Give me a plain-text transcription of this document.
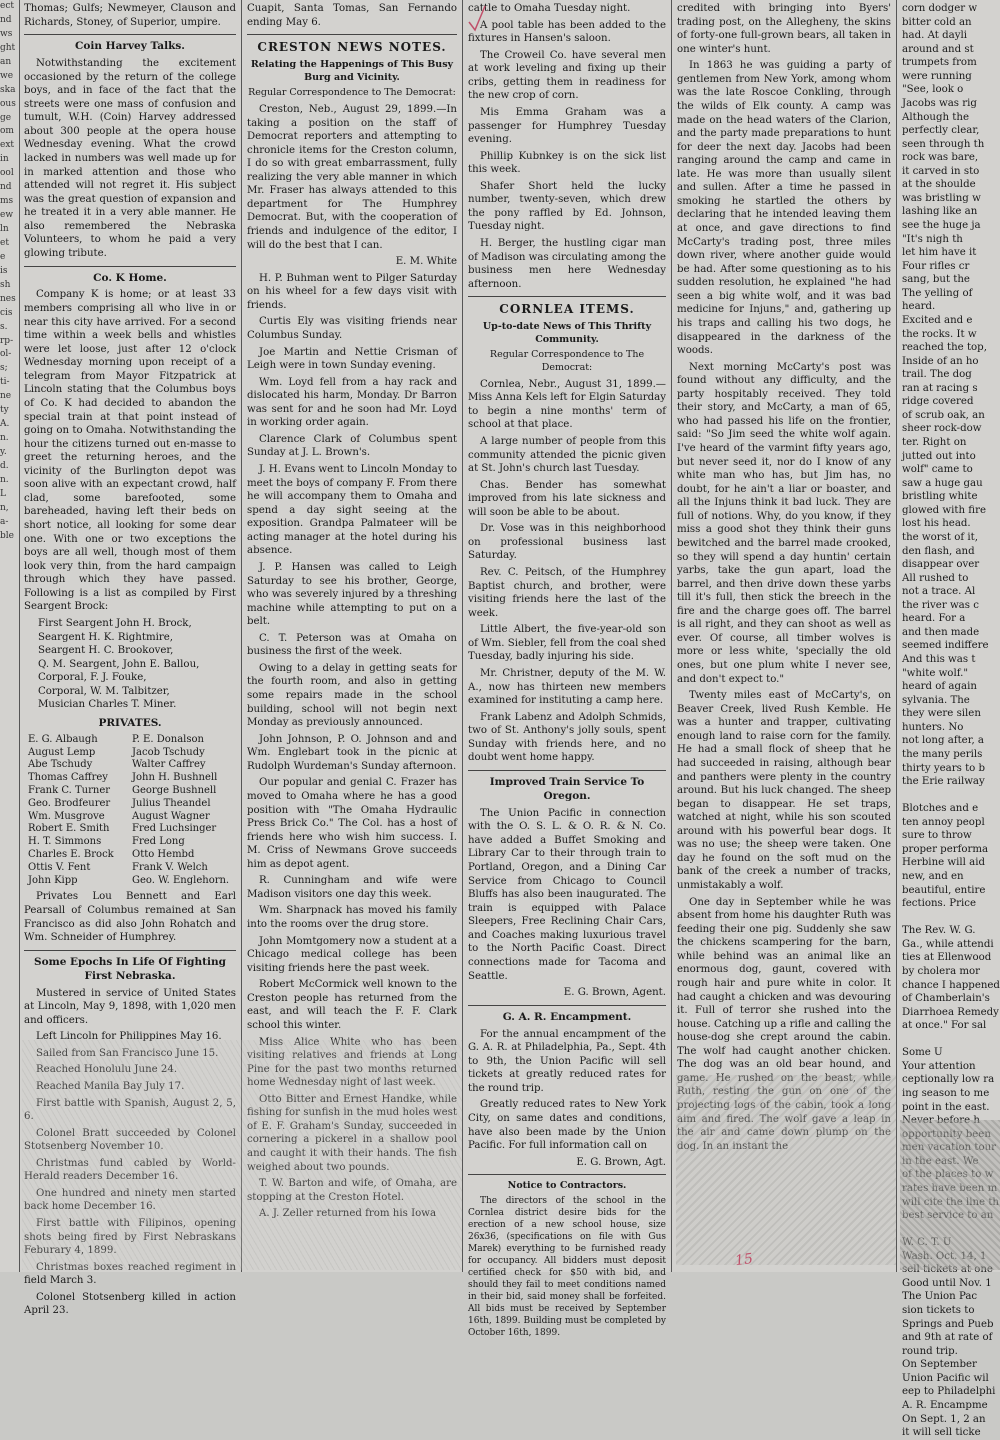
ect
nd
ws
ght
an
we
ska
ous
ge
om
ext
in
ool
nd
ms
ew
ln
et
e
is
sh
nes
cis
s.
rp-
ol-
s;
ti-
ne
ty
A.
n.
y.
d.
n.
L
n,
a-
ble

Thomas; Gulfs; Newmeyer, Clauson and Richards, Stoney, of Superior, umpire.

Coin Harvey Talks.

Notwithstanding the excitement occasioned by the return of the college boys, and in face of the fact that the streets were one mass of confusion and tumult, W.H. (Coin) Harvey addressed about 300 people at the opera house Wednesday evening. What the crowd lacked in numbers was well made up for in marked attention and those who attended will not regret it. His subject was the great question of expansion and he treated it in a very able manner. He also remembered the Nebraska Volunteers, to whom he paid a very glowing tribute.

Co. K Home.

Company K is home; or at least 33 members comprising all who live in or near this city have arrived. For a second time within a week bells and whistles were let loose, just after 12 o'clock Wednesday morning upon receipt of a telegram from Mayor Fitzpatrick at Lincoln stating that the Columbus boys of Co. K had decided to abandon the special train at that point instead of going on to Omaha. Notwithstanding the hour the citizens turned out en-masse to greet the returning heroes, and the vicinity of the Burlington depot was soon alive with an expectant crowd, half clad, some barefooted, some bareheaded, having left their beds on short notice, all looking for some dear one. With one or two exceptions the boys are all well, though most of them look very thin, from the hard campaign through which they have passed. Following is a list as compiled by First Seargent Brock:

First Seargent John H. Brock,

Seargent H. K. Rightmire,

Seargent H. C. Brookover,

Q. M. Seargent, John E. Ballou,

Corporal, F. J. Fouke,

Corporal, W. M. Talbitzer,

Musician Charles T. Miner.

PRIVATES.
E. G. Albaugh	P. E. Donalson
August Lemp	Jacob Tschudy
Abe Tschudy	Walter Caffrey
Thomas Caffrey	John H. Bushnell
Frank C. Turner	George Bushnell
Geo. Brodfeurer	Julius Theandel
Wm. Musgrove	August Wagner
Robert E. Smith	Fred Luchsinger
H. T. Simmons	Fred Long
Charles E. Brock	Otto Hembd
Ottis V. Fent	Frank V. Welch
John Kipp	Geo. W. Englehorn.

Privates Lou Bennett and Earl Pearsall of Columbus remained at San Francisco as did also John Rohatch and Wm. Schneider of Humphrey.

Some Epochs In Life Of Fighting First Nebraska.

Mustered in service of United States at Lincoln, May 9, 1898, with 1,020 men and officers.

Left Lincoln for Philippines May 16.

Sailed from San Francisco June 15.

Reached Honolulu June 24.

Reached Manila Bay July 17.

First battle with Spanish, August 2, 5, 6.

Colonel Bratt succeeded by Colonel Stotsenberg November 10.

Christmas fund cabled by World-Herald readers December 16.

One hundred and ninety men started back home December 16.

First battle with Filipinos, opening shots being fired by First Nebraskans Feburary 4, 1899.

Christmas boxes reached regiment in field March 3.

Colonel Stotsenberg killed in action April 23.

Cuapit, Santa Tomas, San Fernando ending May 6.

CRESTON NEWS NOTES.
Relating the Happenings of This Busy Burg and Vicinity.
Regular Correspondence to The Democrat:

Creston, Neb., August 29, 1899.—In taking a position on the staff of Democrat reporters and attempting to chronicle items for the Creston column, I do so with great embarrassment, fully realizing the very able manner in which Mr. Fraser has always attended to this department for The Humphrey Democrat. But, with the cooperation of friends and indulgence of the editor, I will do the best that I can.

E. M. White

H. P. Buhman went to Pilger Saturday on his wheel for a few days visit with friends.

Curtis Ely was visiting friends near Columbus Sunday.

Joe Martin and Nettie Crisman of Leigh were in town Sunday evening.

Wm. Loyd fell from a hay rack and dislocated his harm, Monday. Dr Barron was sent for and he soon had Mr. Loyd in working order again.

Clarence Clark of Columbus spent Sunday at J. L. Brown's.

J. H. Evans went to Lincoln Monday to meet the boys of company F. From there he will accompany them to Omaha and spend a day sight seeing at the exposition. Grandpa Palmateer will be acting manager at the hotel during his absence.

J. P. Hansen was called to Leigh Saturday to see his brother, George, who was severely injured by a threshing machine while attempting to put on a belt.

C. T. Peterson was at Omaha on business the first of the week.

Owing to a delay in getting seats for the fourth room, and also in getting some repairs made in the school building, school will not begin next Monday as previously announced.

John Johnson, P. O. Johnson and and Wm. Englebart took in the picnic at Rudolph Wurdeman's Sunday afternoon.

Our popular and genial C. Frazer has moved to Omaha where he has a good position with "The Omaha Hydraulic Press Brick Co." The Col. has a host of friends here who wish him success. I. M. Criss of Newmans Grove succeeds him as depot agent.

R. Cunningham and wife were Madison visitors one day this week.

Wm. Sharpnack has moved his family into the rooms over the drug store.

John Momtgomery now a student at a Chicago medical college has been visiting friends here the past week.

Robert McCormick well known to the Creston people has returned from the east, and will teach the F. F. Clark school this winter.

Miss Alice White who has been visiting relatives and friends at Long Pine for the past two months returned home Wednesday night of last week.

Otto Bitter and Ernest Handke, while fishing for sunfish in the mud holes west of E. F. Graham's Sunday, succeeded in cornering a pickerel in a shallow pool and caught it with their hands. The fish weighed about two pounds.

T. W. Barton and wife, of Omaha, are stopping at the Creston Hotel.

A. J. Zeller returned from his Iowa

cattle to Omaha Tuesday night.

A pool table has been added to the fixtures in Hansen's saloon.

The Croweil Co. have several men at work leveling and fixing up their cribs, getting them in readiness for the new crop of corn.

Mis Emma Graham was a passenger for Humphrey Tuesday evening.

Phillip Kubnkey is on the sick list this week.

Shafer Short held the lucky number, twenty-seven, which drew the pony raffled by Ed. Johnson, Tuesday night.

H. Berger, the hustling cigar man of Madison was circulating among the business men here Wednesday afternoon.

CORNLEA ITEMS.
Up-to-date News of This Thrifty Community.
Regular Correspondence to The Democrat:

Cornlea, Nebr., August 31, 1899.—Miss Anna Kels left for Elgin Saturday to begin a nine months' term of school at that place.

A large number of people from this community attended the picnic given at St. John's church last Tuesday.

Chas. Bender has somewhat improved from his late sickness and will soon be able to be about.

Dr. Vose was in this neighborhood on professional business last Saturday.

Rev. C. Peitsch, of the Humphrey Baptist church, and brother, were visiting friends here the last of the week.

Little Albert, the five-year-old son of Wm. Siebler, fell from the coal shed Tuesday, badly injuring his side.

Mr. Christner, deputy of the M. W. A., now has thirteen new members examined for instituting a camp here.

Frank Labenz and Adolph Schmids, two of St. Anthony's jolly souls, spent Sunday with friends here, and no doubt went home happy.

Improved Train Service To Oregon.

The Union Pacific in connection with the O. S. L. & O. R. & N. Co. have added a Buffet Smoking and Library Car to their through train to Portland, Oregon, and a Dining Car Service from Chicago to Council Bluffs has also been inaugurated. The train is equipped with Palace Sleepers, Free Reclining Chair Cars, and Coaches making luxurious travel to the North Pacific Coast. Direct connections made for Tacoma and Seattle.

E. G. Brown, Agent.

G. A. R. Encampment.

For the annual encampment of the G. A. R. at Philadelphia, Pa., Sept. 4th to 9th, the Union Pacific will sell tickets at greatly reduced rates for the round trip.

Greatly reduced rates to New York City, on same dates and conditions, have also been made by the Union Pacific. For full information call on

E. G. Brown, Agt.

Notice to Contractors.

The directors of the school in the Cornlea district desire bids for the erection of a new school house, size 26x36, (specifications on file with Gus Marek) everything to be furnished ready for occupancy. All bidders must deposit certified check for $50 with bid, and should they fail to meet conditions named in their bid, said money shall be forfeited. All bids must be received by September 16th, 1899. Building must be completed by October 16th, 1899.

credited with bringing into Byers' trading post, on the Allegheny, the skins of forty-one full-grown bears, all taken in one winter's hunt.

In 1863 he was guiding a party of gentlemen from New York, among whom was the late Roscoe Conkling, through the wilds of Elk county. A camp was made on the head waters of the Clarion, and the party made preparations to hunt for deer the next day. Jacobs had been ranging around the camp and came in late. He was more than usually silent and sullen. After a time he passed in smoking he startled the others by declaring that he intended leaving them at once, and gave directions to find McCarty's trading post, three miles down river, where another guide would be had. After some questioning as to his sudden resolution, he explained "he had seen a big white wolf, and it was bad medicine for Injuns," and, gathering up his traps and calling his two dogs, he disappeared in the darkness of the woods.

Next morning McCarty's post was found without any difficulty, and the party hospitably received. They told their story, and McCarty, a man of 65, who had passed his life on the frontier, said: "So Jim seed the white wolf again. I've heard of the varmint fifty years ago, but never seed it, nor do I know of any white man who has, but Jim has, no doubt, for he ain't a liar or boaster, and all the Injuns think it bad luck. They are full of notions. Why, do you know, if they miss a good shot they think their guns bewitched and the barrel made crooked, so they will spend a day huntin' certain yarbs, take the gun apart, load the barrel, and then drive down these yarbs till it's full, then stick the breech in the fire and the charge goes off. The barrel is all right, and they can shoot as well as ever. Of course, all timber wolves is more or less white, 'specially the old ones, but one plum white I never see, and don't expect to."

Twenty miles east of McCarty's, on Beaver Creek, lived Rush Kemble. He was a hunter and trapper, cultivating enough land to raise corn for the family. He had a small flock of sheep that he had succeeded in raising, although bear and panthers were plenty in the country around. But his luck changed. The sheep began to disappear. He set traps, watched at night, while his son scouted around with his powerful bear dogs. It was no use; the sheep were taken. One day he found on the soft mud on the bank of the creek a number of tracks, unmistakably a wolf.

One day in September while he was absent from home his daughter Ruth was feeding their one pig. Suddenly she saw the chickens scampering for the barn, while behind was an animal like an enormous dog, gaunt, covered with rough hair and pure white in color. It had caught a chicken and was devouring it. Full of terror she rushed into the house. Catching up a rifle and calling the house-dog she crept around the cabin. The wolf had caught another chicken. The dog was an old bear hound, and game. He rushed on the beast, while Ruth, resting the gun on one of the projecting logs of the cabin, took a long aim and fired. The wolf gave a leap in the air and came down plump on the dog. In an instant the

corn dodger w

bitter cold an

had. At dayli

around and st

trumpets from

were running

"See, look o

Jacobs was rig

Although the

perfectly clear,

seen through th

rock was bare,

it carved in sto

at the shoulde

was bristling w

lashing like an

see the huge ja

"It's nigh th

let him have it

Four rifles cr

sang, but the

The yelling of

heard.

Excited and e

the rocks. It w

reached the top,

Inside of an ho

trail. The dog

ran at racing s

ridge covered

of scrub oak, an

sheer rock-dow

ter. Right on

jutted out into

wolf" came to

saw a huge gau

bristling white

glowed with fire

lost his head.

the worst of it,

den flash, and

disappear over

All rushed to

not a trace. Al

the river was c

heard. For a

and then made

seemed indiffere

And this was t

"white wolf."

heard of again

sylvania. The

they were silen

hunters. No

not long after, a

the many perils

thirty years to b

the Erie railway

Blotches and e

ten annoy peopl

sure to throw

proper performa

Herbine will aid

new, and en

beautiful, entire

fections. Price

The Rev. W. G.

Ga., while attendi

ties at Ellenwood

by cholera mor

chance I happened

of Chamberlain's

Diarrhoea Remedy

at once." For sal

Some U

Your attention

ceptionally low ra

ing season to me

point in the east.

Good until Nov. 1

The Union Pac

sion tickets to

Springs and Pueb

and 9th at rate of

round trip.

On September

Union Pacific wil

eep to Philadelphi

A. R. Encampme

On Sept. 1, 2 an

it will sell ticke

15
